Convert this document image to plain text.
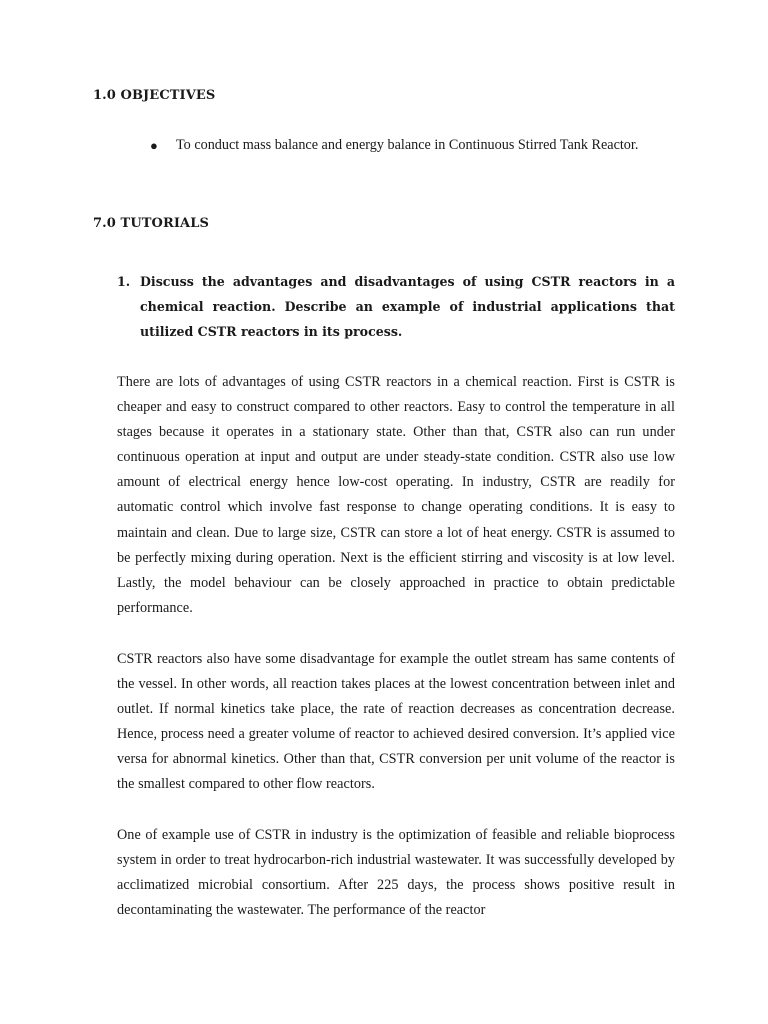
1.0 OBJECTIVES
● To conduct mass balance and energy balance in Continuous Stirred Tank Reactor.
7.0 TUTORIALS
1. Discuss the advantages and disadvantages of using CSTR reactors in a chemical reaction. Describe an example of industrial applications that utilized CSTR reactors in its process.

There are lots of advantages of using CSTR reactors in a chemical reaction. First is CSTR is cheaper and easy to construct compared to other reactors. Easy to control the temperature in all stages because it operates in a stationary state. Other than that, CSTR also can run under continuous operation at input and output are under steady-state condition. CSTR also use low amount of electrical energy hence low-cost operating. In industry, CSTR are readily for automatic control which involve fast response to change operating conditions. It is easy to maintain and clean. Due to large size, CSTR can store a lot of heat energy. CSTR is assumed to be perfectly mixing during operation. Next is the efficient stirring and viscosity is at low level. Lastly, the model behaviour can be closely approached in practice to obtain predictable performance.

CSTR reactors also have some disadvantage for example the outlet stream has same contents of the vessel. In other words, all reaction takes places at the lowest concentration between inlet and outlet. If normal kinetics take place, the rate of reaction decreases as concentration decrease. Hence, process need a greater volume of reactor to achieved desired conversion. It’s applied vice versa for abnormal kinetics. Other than that, CSTR conversion per unit volume of the reactor is the smallest compared to other flow reactors.

One of example use of CSTR in industry is the optimization of feasible and reliable bioprocess system in order to treat hydrocarbon-rich industrial wastewater. It was successfully developed by acclimatized microbial consortium. After 225 days, the process shows positive result in decontaminating the wastewater. The performance of the reactor
